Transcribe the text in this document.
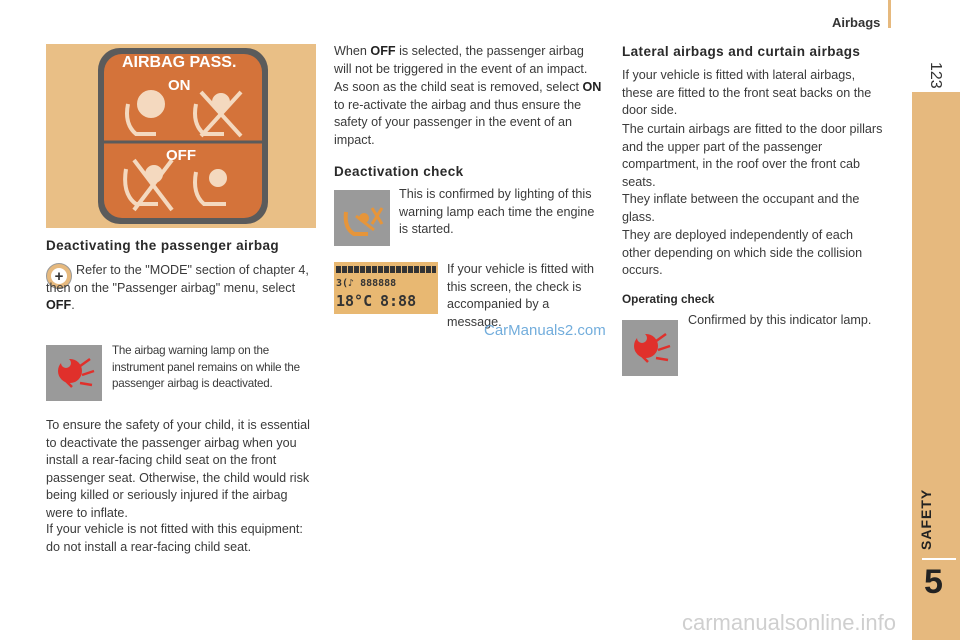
Airbags
123
SAFETY
5
AIRBAG PASS.
ON
OFF
Deactivating the passenger airbag
+	Refer to the "MODE" section of chapter 4, then on the "Passenger airbag" menu, select OFF.

The airbag warning lamp on the instrument panel remains on while the passenger airbag is deactivated.

To ensure the safety of your child, it is essential to deactivate the passenger airbag when you install a rear-facing child seat on the front passenger seat. Otherwise, the child would risk being killed or seriously injured if the airbag were to inflate.

If your vehicle is not fitted with this equipment: do not install a rear-facing child seat.

When OFF is selected, the passenger airbag will not be triggered in the event of an impact.

As soon as the child seat is removed, select ON to re-activate the airbag and thus ensure the safety of your passenger in the event of an impact.

Deactivation check

This is confirmed by lighting of this warning lamp each time the engine is started.

3(♪ 888888
18°C 8:88

If your vehicle is fitted with this screen, the check is accompanied by a message.

CarManuals2.com
Lateral airbags and curtain airbags

If your vehicle is fitted with lateral airbags, these are fitted to the front seat backs on the door side.

The curtain airbags are fitted to the door pillars and the upper part of the passenger compartment, in the roof over the front cab seats.

They inflate between the occupant and the glass.

They are deployed independently of each other depending on which side the collision occurs.

Operating check

Confirmed by this indicator lamp.

carmanualsonline.info
